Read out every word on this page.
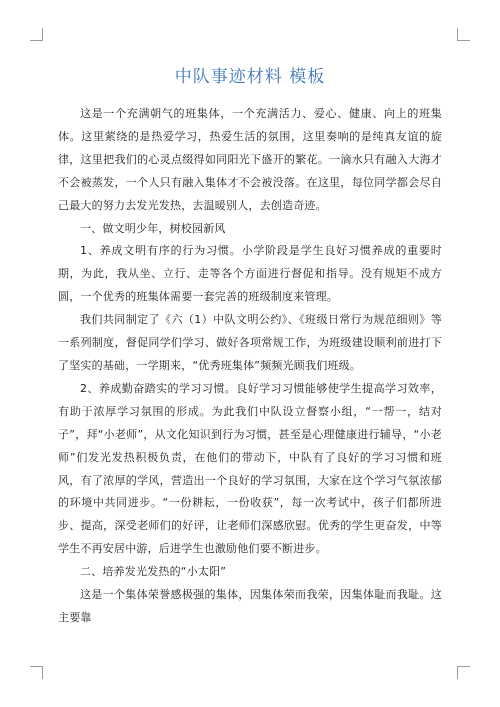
中队事迹材料 模板

这是一个充满朝气的班集体，一个充满活力、爱心、健康、向上的班集体。这里萦绕的是热爱学习，热爱生活的氛围，这里奏响的是纯真友谊的旋律，这里把我们的心灵点缀得如同阳光下盛开的繁花。一滴水只有融入大海才不会被蒸发，一个人只有融入集体才不会被没落。在这里，每位同学都会尽自己最大的努力去发光发热，去温暖别人，去创造奇迹。

一、做文明少年，树校园新风

1、养成文明有序的行为习惯。小学阶段是学生良好习惯养成的重要时期，为此，我从坐、立行、走等各个方面进行督促和指导。没有规矩不成方圆，一个优秀的班集体需要一套完善的班级制度来管理。

我们共同制定了《六（1）中队文明公约》、《班级日常行为规范细则》等一系列制度，督促同学们学习、做好各项常规工作，为班级建设顺利前进打下了坚实的基础，一学期来，“优秀班集体”频频光顾我们班级。

2、养成勤奋踏实的学习习惯。良好学习习惯能够使学生提高学习效率，有助于浓厚学习氛围的形成。为此我们中队设立督察小组，“一帮一，结对子”，拜“小老师”，从文化知识到行为习惯，甚至是心理健康进行辅导，“小老师”们发光发热积极负责，在他们的带动下，中队有了良好的学习习惯和班风，有了浓厚的学风，营造出一个良好的学习氛围，大家在这个学习气氛浓郁的环境中共同进步。“一份耕耘，一份收获”，每一次考试中，孩子们都所进步、提高，深受老师们的好评，让老师们深感欣慰。优秀的学生更奋发，中等学生不再安居中游，后进学生也激励他们要不断进步。

二、培养发光发热的“小太阳”

这是一个集体荣誉感极强的集体，因集体荣而我荣，因集体耻而我耻。这主要靠
